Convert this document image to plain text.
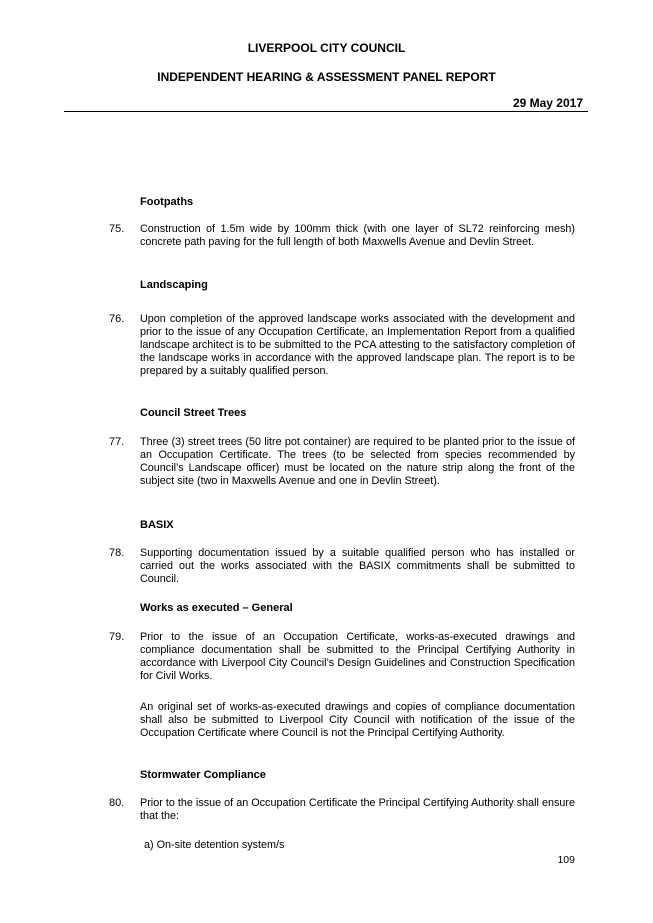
LIVERPOOL CITY COUNCIL
INDEPENDENT HEARING & ASSESSMENT PANEL REPORT
29 May 2017
Footpaths
75. Construction of 1.5m wide by 100mm thick (with one layer of SL72 reinforcing mesh) concrete path paving for the full length of both Maxwells Avenue and Devlin Street.
Landscaping
76. Upon completion of the approved landscape works associated with the development and prior to the issue of any Occupation Certificate, an Implementation Report from a qualified landscape architect is to be submitted to the PCA attesting to the satisfactory completion of the landscape works in accordance with the approved landscape plan. The report is to be prepared by a suitably qualified person.
Council Street Trees
77. Three (3) street trees (50 litre pot container) are required to be planted prior to the issue of an Occupation Certificate. The trees (to be selected from species recommended by Council’s Landscape officer) must be located on the nature strip along the front of the subject site (two in Maxwells Avenue and one in Devlin Street).
BASIX
78. Supporting documentation issued by a suitable qualified person who has installed or carried out the works associated with the BASIX commitments shall be submitted to Council.
Works as executed – General
79. Prior to the issue of an Occupation Certificate, works-as-executed drawings and compliance documentation shall be submitted to the Principal Certifying Authority in accordance with Liverpool City Council’s Design Guidelines and Construction Specification for Civil Works.
An original set of works-as-executed drawings and copies of compliance documentation shall also be submitted to Liverpool City Council with notification of the issue of the Occupation Certificate where Council is not the Principal Certifying Authority.
Stormwater Compliance
80. Prior to the issue of an Occupation Certificate the Principal Certifying Authority shall ensure that the:
a) On-site detention system/s
109
